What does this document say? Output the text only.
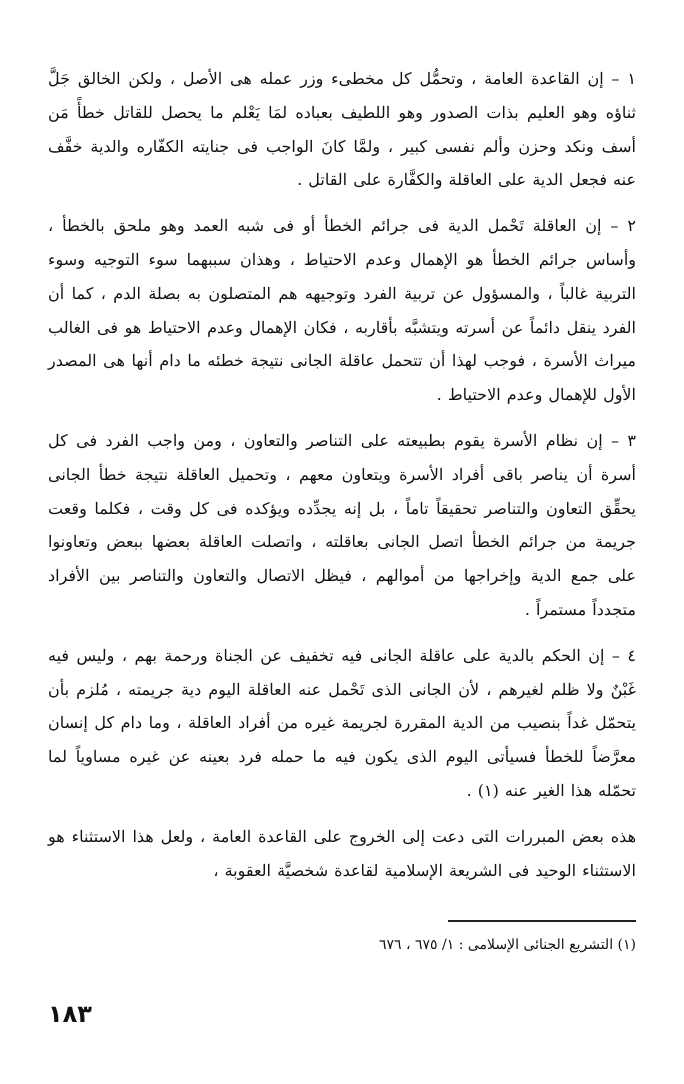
١ – إن القاعدة العامة ، وتحمُّل كل مخطىء وزر عمله هى الأصل ، ولكن الخالق جَلَّ ثناؤه وهو العليم بذات الصدور وهو اللطيف بعباده لمَا يَعْلم ما يحصل للقاتل خطأً مَن أسف ونكد وحزن وألم نفسى كبير ، ولمَّا كانَ الواجب فى جنايته الكفّاره والدية خفَّف عنه فجعل الدية على العاقلة والكفَّارة على القاتل .

٢ – إن العاقلة تَحْمل الدية فى جرائم الخطأ أو فى شبه العمد وهو ملحق بالخطأ ، وأساس جرائم الخطأ هو الإهمال وعدم الاحتياط ، وهذان سببهما سوء التوجيه وسوء التربية غالباً ، والمسؤول عن تربية الفرد وتوجيهه هم المتصلون به بصلة الدم ، كما أن الفرد ينقل دائماً عن أسرته ويتشبَّه بأقاربه ، فكان الإهمال وعدم الاحتياط هو فى الغالب ميراث الأسرة ، فوجب لهذا أن تتحمل عاقلة الجانى نتيجة خطئه ما دام أنها هى المصدر الأول للإهمال وعدم الاحتياط .

٣ – إن نظام الأسرة يقوم بطبيعته على التناصر والتعاون ، ومن واجب الفرد فى كل أسرة أن يناصر باقى أفراد الأسرة ويتعاون معهم ، وتحميل العاقلة نتيجة خطأ الجانى يحقِّق التعاون والتناصر تحقيقاً تاماً ، بل إنه يجدِّده ويؤكده فى كل وقت ، فكلما وقعت جريمة من جرائم الخطأ اتصل الجانى بعاقلته ، واتصلت العاقلة بعضها ببعض وتعاونوا على جمع الدية وإخراجها من أموالهم ، فيظل الاتصال والتعاون والتناصر بين الأفراد متجدداً مستمراً .

٤ – إن الحكم بالدية على عاقلة الجانى فيه تخفيف عن الجناة ورحمة بهم ، وليس فيه غَبْنٌ ولا ظلم لغيرهم ، لأن الجانى الذى تَحْمل عنه العاقلة اليوم دية جريمته ، مُلزم بأن يتحمّل غداً بنصيب من الدية المقررة لجريمة غيره من أفراد العاقلة ، وما دام كل إنسان معرَّضاً للخطأ فسيأتى اليوم الذى يكون فيه ما حمله فرد بعينه عن غيره مساوياً لما تحمّله هذا الغير عنه (١) .

هذه بعض المبررات التى دعت إلى الخروج على القاعدة العامة ، ولعل هذا الاستثناء هو الاستثناء الوحيد فى الشريعة الإسلامية لقاعدة شخصيَّة العقوبة ،

(١) التشريع الجنائى الإسلامى : ١/ ٦٧٥ ، ٦٧٦
١٨٣
